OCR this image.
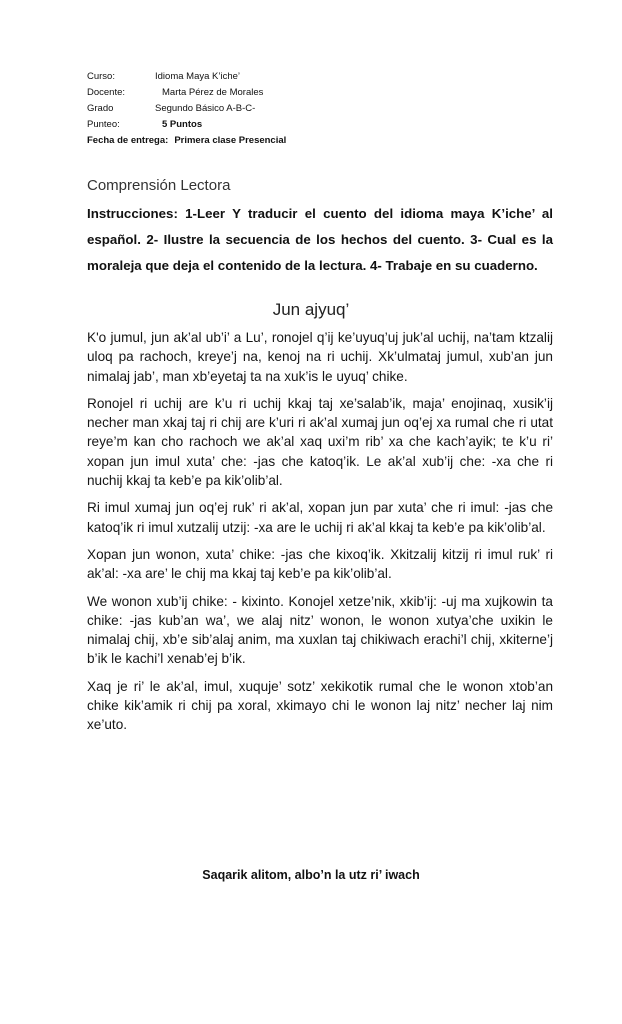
Curso:	Idioma Maya K’iche’
Docente:	Marta Pérez de Morales
Grado	Segundo Básico A-B-C-
Punteo:	5 Puntos
Fecha de entrega: Primera clase Presencial
Comprensión Lectora
Instrucciones: 1-Leer Y traducir el cuento del idioma maya K’iche’ al español. 2- Ilustre la secuencia de los hechos del cuento. 3- Cual es la moraleja que deja el contenido de la lectura. 4- Trabaje en su cuaderno.
Jun ajyuq’

K'o jumul, jun ak’al ub’i’ a Lu’, ronojel q’ij ke’uyuq’uj juk’al uchij, na’tam ktzalij uloq pa rachoch, kreye’j na, kenoj na ri uchij. Xk’ulmataj jumul, xub’an jun nimalaj jab’, man xb’eyetaj ta na xuk’is le uyuq’ chike.

Ronojel ri uchij are k’u ri uchij kkaj taj xe’salab’ik, maja’ enojinaq, xusik’ij necher man xkaj taj ri chij are k’uri ri ak’al xumaj jun oq’ej xa rumal che ri utat reye’m kan cho rachoch we ak’al xaq uxi’m rib’ xa che kach’ayik; te k’u ri’ xopan jun imul xuta’ che: -jas che katoq’ik. Le ak’al xub’ij che: -xa che ri nuchij kkaj ta keb’e pa kik’olib’al.

Ri imul xumaj jun oq’ej ruk’ ri ak’al, xopan jun par xuta’ che ri imul: -jas che katoq’ik ri imul xutzalij utzij: -xa are le uchij ri ak’al kkaj ta keb’e pa kik’olib’al.

Xopan jun wonon, xuta’ chike: -jas che kixoq’ik. Xkitzalij kitzij ri imul ruk’ ri ak’al: -xa are’ le chij ma kkaj taj keb’e pa kik’olib’al.

We wonon xub’ij chike: - kixinto. Konojel xetze’nik, xkib’ij: -uj ma xujkowin ta chike: -jas kub’an wa’, we alaj nitz’ wonon, le wonon xutya’che uxikin le nimalaj chij, xb’e sib’alaj anim, ma xuxlan taj chikiwach erachi’l chij, xkiterne’j b’ik le kachi’l xenab’ej b’ik.

Xaq je ri’ le ak’al, imul, xuquje’ sotz’ xekikotik rumal che le wonon xtob’an chike kik’amik ri chij pa xoral, xkimayo chi le wonon laj nitz’ necher laj nim xe’uto.

Saqarik alitom, albo’n la utz ri’ iwach
